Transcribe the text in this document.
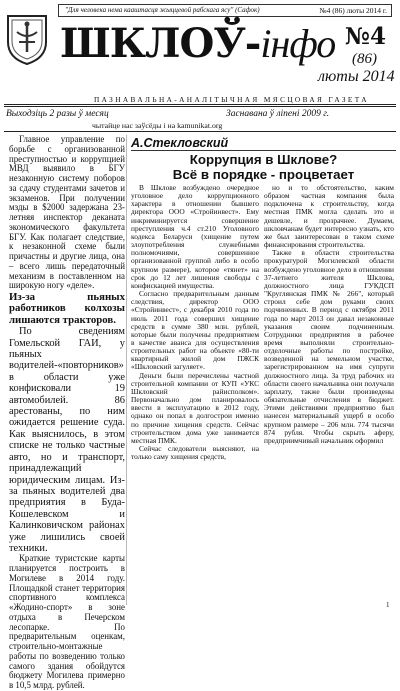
"Для человека нема кааштасця жыццевой рабскага ясу" (Сафок)	№4 (86) люты 2014 г.
ШКЛОЎ-інфо №4
(86)
люты 2014
ПАЗНАВАЛЬНА-АНАЛІТЫЧНАЯ МЯСЦОВАЯ ГАЗЕТА
Выходзіць 2 разы ў месяц	Заснавана ў ліпені 2009 г.
чытайце нас заўсёды і на kamunikat.org

Главное управление по борьбе с организованной преступностью и коррупцией МВД выявило в БГУ незаконную систему поборов за сдачу студентами зачетов и экзаменов. При получении мзды в $2000 задержана 23-летняя инспектор деканата экономического факультета БГУ. Как полагает следствие, к незаконной схеме были причастны и другие лица, она – всего лишь передаточный механизм в поставленном на широкую ногу «деле».

Из-за пьяных работников колхозы лишаются тракторов.

По сведениям Гомельской ГАИ, у пьяных водителей-«повторников» в области уже конфисковали 19 автомобилей. 86 арестованы, по ним ожидается решение суда. Как выяснилось, в этом списке не только частные авто, но и транспорт, принадлежащий юридическим лицам. Из-за пьяных водителей два предприятия в Буда-Кошелевском и Калинковичском районах уже лишились своей техники.

Краткие туристские карты планируется построить в Могилеве в 2014 году. Площадкой станет территория спортивного комплекса «Жодино-спорт» в зоне отдыха в Печерском лесопарке. По предварительным оценкам, строительно-монтажные работы по возведению только самого здания обойдутся бюджету Могилева примерно в 10,5 млрд. рублей.

А.Стекловский
Коррупция в Шклове?
Всё в порядке - процветает

В Шклове возбуждено очередное уголовное дело коррупционного характера в отношении бывшего директора ООО «Стройинвест». Ему инкриминируется совершение преступления ч.4 ст.210 Уголовного кодекса Беларуси (хищение путем злоупотребления служебными полномочиями, совершенное организованной группой либо в особо крупном размере), которое «тянет» на срок до 12 лет лишения свободы с конфискацией имущества.

Согласно предварительным данным следствия, директор ООО «Стройинвест», с декабря 2010 года по июль 2011 года совершил хищение средств в сумме 380 млн. рублей, которые были получены предприятием в качестве аванса для осуществления строительных работ на объекте «80-ти квартирный жилой дом ПЖСК «Шкловский загуляет».

Деньги были перечислены частной строительной компании от КУП «УКС Шкловский райисполком». Первоначально дом планировалось ввести в эксплуатацию в 2012 году, однако он попал в долгострои именно по причине хищения средств. Сейчас строительством дома уже занимается местная ПМК.

Сейчас следователи выясняют, на только саму хищения средств,

но и то обстоятельство, каким образом частная компания была подключена к строительству, когда местная ПМК могла сделать это и дешевле, и прозрачнее. Думаем, шкловчанам будет интересно узнать, кто же был заинтересован в таком схеме финансирования строительства.

Также в области строительства прокуратурой Могилевской области возбуждено уголовное дело в отношении 37-летнего жителя Шклова, должностного лица ГУКДСП "Круглянская ПМК № 266", который строил себе дом руками своих подчиненных. В период с октября 2011 года по март 2013 он давал незаконные указания своим подчиненным. Сотрудники предприятия в рабочее время выполняли строительно-отделочные работы по постройке, возведенной на земельном участке, зарегистрированном на имя супруги должностного лица. За труд рабочих из области своего начальника они получали зарплату, также были произведены обязательные отчисления в бюджет. Этими действиями предприятию был нанесен материальный ущерб в особо крупном размере – 206 млн. 774 тысячи 874 рубля. Чтобы скрыть аферу, предприимчивый начальник оформил

1
